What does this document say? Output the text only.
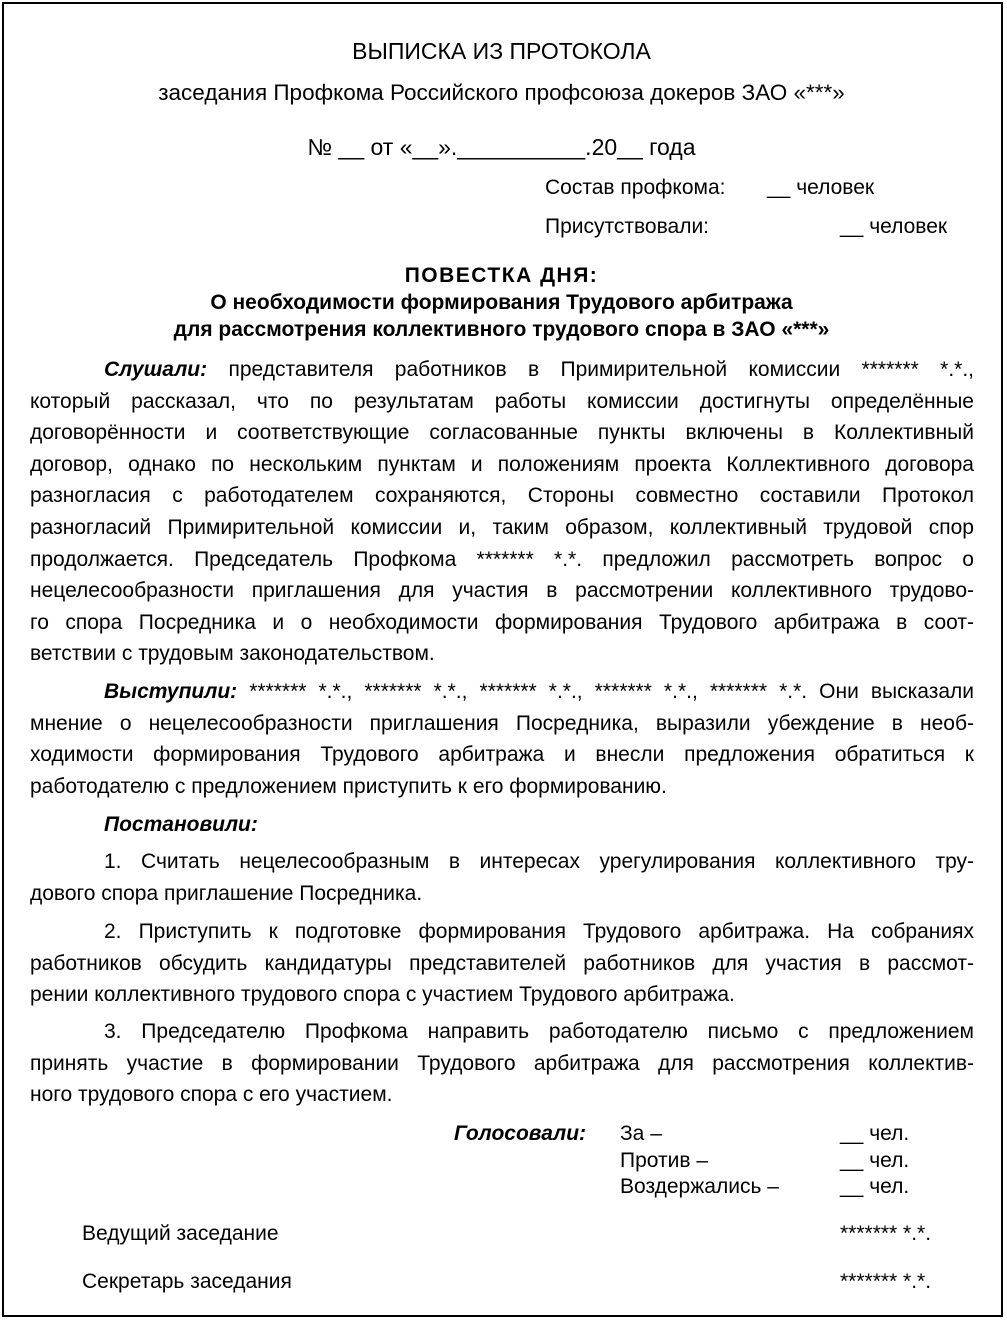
ВЫПИСКА ИЗ ПРОТОКОЛА
заседания Профкома Российского профсоюза докеров ЗАО «***»
№ __ от «__».__________.20__ года
Состав профкома: __ человек
Присутствовали:	__ человек
ПОВЕСТКА ДНЯ:
О необходимости формирования Трудового арбитража
для рассмотрения коллективного трудового спора в ЗАО «***»
Слушали: представителя работников в Примирительной комиссии ******* *.*.,
который рассказал, что по результатам работы комиссии достигнуты определённые
договорённости и соответствующие согласованные пункты включены в Коллективный
договор, однако по нескольким пунктам и положениям проекта Коллективного договора
разногласия с работодателем сохраняются, Стороны совместно составили Протокол
разногласий Примирительной комиссии и, таким образом, коллективный трудовой спор
продолжается. Председатель Профкома ******* *.*. предложил рассмотреть вопрос о
нецелесообразности приглашения для участия в рассмотрении коллективного трудово-
го спора Посредника и о необходимости формирования Трудового арбитража в соот-
ветствии с трудовым законодательством.
Выступили: ******* *.*., ******* *.*., ******* *.*., ******* *.*., ******* *.*. Они высказали
мнение о нецелесообразности приглашения Посредника, выразили убеждение в необ-
ходимости формирования Трудового арбитража и внесли предложения обратиться к
работодателю с предложением приступить к его формированию.
Постановили:
1. Считать нецелесообразным в интересах урегулирования коллективного тру-
дового спора приглашение Посредника.
2. Приступить к подготовке формирования Трудового арбитража. На собраниях
работников обсудить кандидатуры представителей работников для участия в рассмот-
рении коллективного трудового спора с участием Трудового арбитража.
3. Председателю Профкома направить работодателю письмо с предложением
принять участие в формировании Трудового арбитража для рассмотрения коллектив-
ного трудового спора с его участием.
Голосовали: За –	__ чел.
Против –	__ чел.
Воздержались –	__ чел.
Ведущий заседание	******* *.*.
Секретарь заседания	******* *.*.
